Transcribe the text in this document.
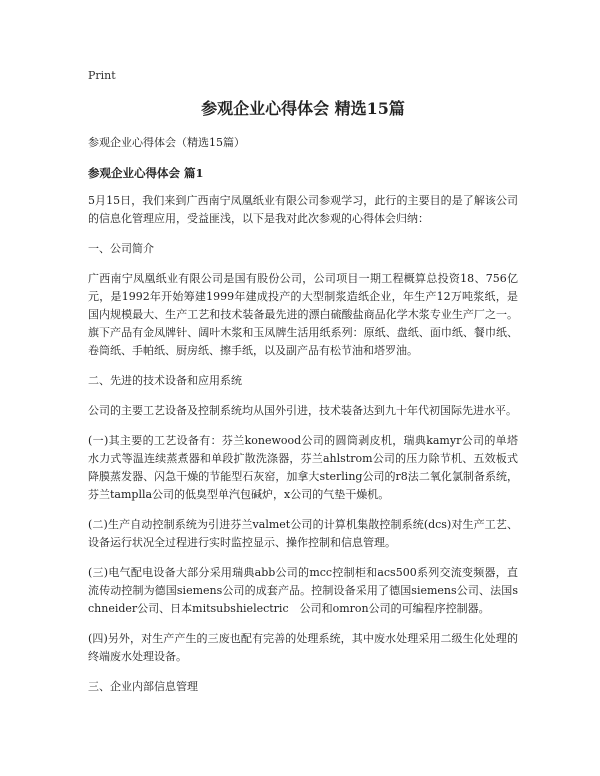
Print
参观企业心得体会 精选15篇
参观企业心得体会（精选15篇）
参观企业心得体会 篇1

5月15日，我们来到广西南宁凤凰纸业有限公司参观学习，此行的主要目的是了解该公司的信息化管理应用，受益匪浅，以下是我对此次参观的心得体会归纳：

一、公司简介

广西南宁凤凰纸业有限公司是国有股份公司，公司项目一期工程概算总投资18、756亿元，是1992年开始筹建1999年建成投产的大型制浆造纸企业，年生产12万吨浆纸，是国内规模最大、生产工艺和技术装备最先进的漂白硫酸盐商品化学木浆专业生产厂之一。旗下产品有金凤牌针、阔叶木浆和玉凤牌生活用纸系列：原纸、盘纸、面巾纸、餐巾纸、卷筒纸、手帕纸、厨房纸、擦手纸，以及副产品有松节油和塔罗油。

二、先进的技术设备和应用系统

公司的主要工艺设备及控制系统均从国外引进，技术装备达到九十年代初国际先进水平。

(一)其主要的工艺设备有：芬兰konewood公司的圆筒剥皮机，瑞典kamyr公司的单塔水力式等温连续蒸煮器和单段扩散洗涤器，芬兰ahlstrom公司的压力除节机、五效板式降膜蒸发器、闪急干燥的节能型石灰窑，加拿大sterling公司的r8法二氧化氯制备系统，芬兰tamplla公司的低臭型单汽包碱炉，x公司的气垫干燥机。

(二)生产自动控制系统为引进芬兰valmet公司的计算机集散控制系统(dcs)对生产工艺、设备运行状况全过程进行实时监控显示、操作控制和信息管理。

(三)电气配电设备大部分采用瑞典abb公司的mcc控制柜和acs500系列交流变频器，直流传动控制为德国siemens公司的成套产品。控制设备采用了德国siemens公司、法国schneider公司、日本mitsubshielectric　公司和omron公司的可编程序控制器。

(四)另外，对生产产生的三废也配有完善的处理系统，其中废水处理采用二级生化处理的终端废水处理设备。

三、企业内部信息管理
